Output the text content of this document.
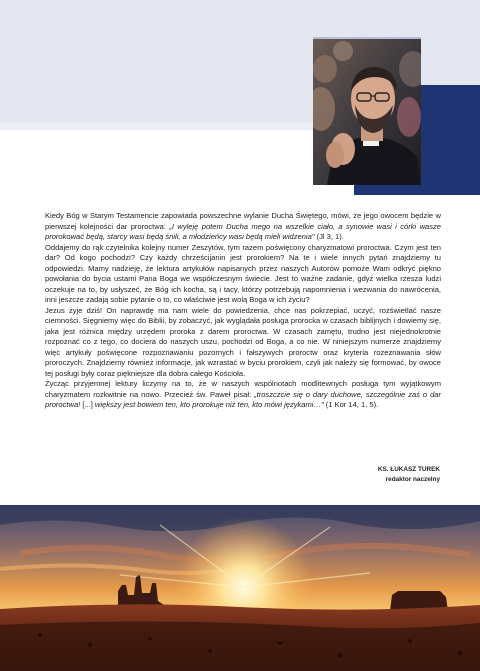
Kiedy Bóg w Starym Testamencie zapowiada powszechne wylanie Ducha Świętego, mówi, że jego owocem będzie w pierwszej kolejności dar proroctwa: „I wyleję potem Ducha mego na wszelkie ciało, a synowie wasi i córki wasze prorokować będą, starcy wasi będą śnili, a młodzieńcy wasi będą mieli widzenia" (Jl 3, 1).

Oddajemy do rąk czytelnika kolejny numer Zeszytów, tym razem poświęcony charyzmatowi proroctwa. Czym jest ten dar? Od kogo pochodzi? Czy każdy chrześcijanin jest prorokiem? Na te i wiele innych pytań znajdziemy tu odpowiedzi. Mamy nadzieję, że lektura artykułów napisanych przez naszych Autorów pomoże Wam odkryć piękno powołania do bycia ustami Pana Boga we współczesnym świecie. Jest to ważne zadanie, gdyż wielka rzesza ludzi oczekuje na to, by usłyszeć, że Bóg ich kocha, są i tacy, którzy potrzebują napomnienia i wezwania do nawrócenia, inni jeszcze zadają sobie pytanie o to, co właściwie jest wolą Boga w ich życiu?

Jezus żyje dziś! On naprawdę ma nam wiele do powiedzenia, chce nas pokrzepiać, uczyć, rozświetlać nasze ciemności. Sięgniemy więc do Biblii, by zobaczyć, jak wyglądała posługa prorocka w czasach biblijnych i dowiemy się, jaka jest różnica między urzędem proroka z darem proroctwa. W czasach zamętu, trudno jest niejednokrotnie rozpoznać co z tego, co dociera do naszych uszu, pochodzi od Boga, a co nie. W niniejszym numerze znajdziemy więc artykuły poświęcone rozpoznawaniu pozornych i fałszywych proroctw oraz kryteria rozeznawania słów proroczych. Znajdziemy również informacje, jak wzrastać w byciu prorokiem, czyli jak należy się formować, by owoce tej posługi były coraz piękniejsze dla dobra całego Kościoła.

Życząc przyjemnej lektury liczymy na to, że w naszych wspólnotach modlitewnych posługa tym wyjątkowym charyzmatem rozkwitnie na nowo. Przecież św. Paweł pisał: „troszczcie się o dary duchowe, szczególnie zaś o dar proroctwa! [...] większy jest bowiem ten, kto prorokuje niż ten, kto mówi językami…" (1 Kor 14, 1. 5).

KS. ŁUKASZ TUREK
redaktor naczelny
